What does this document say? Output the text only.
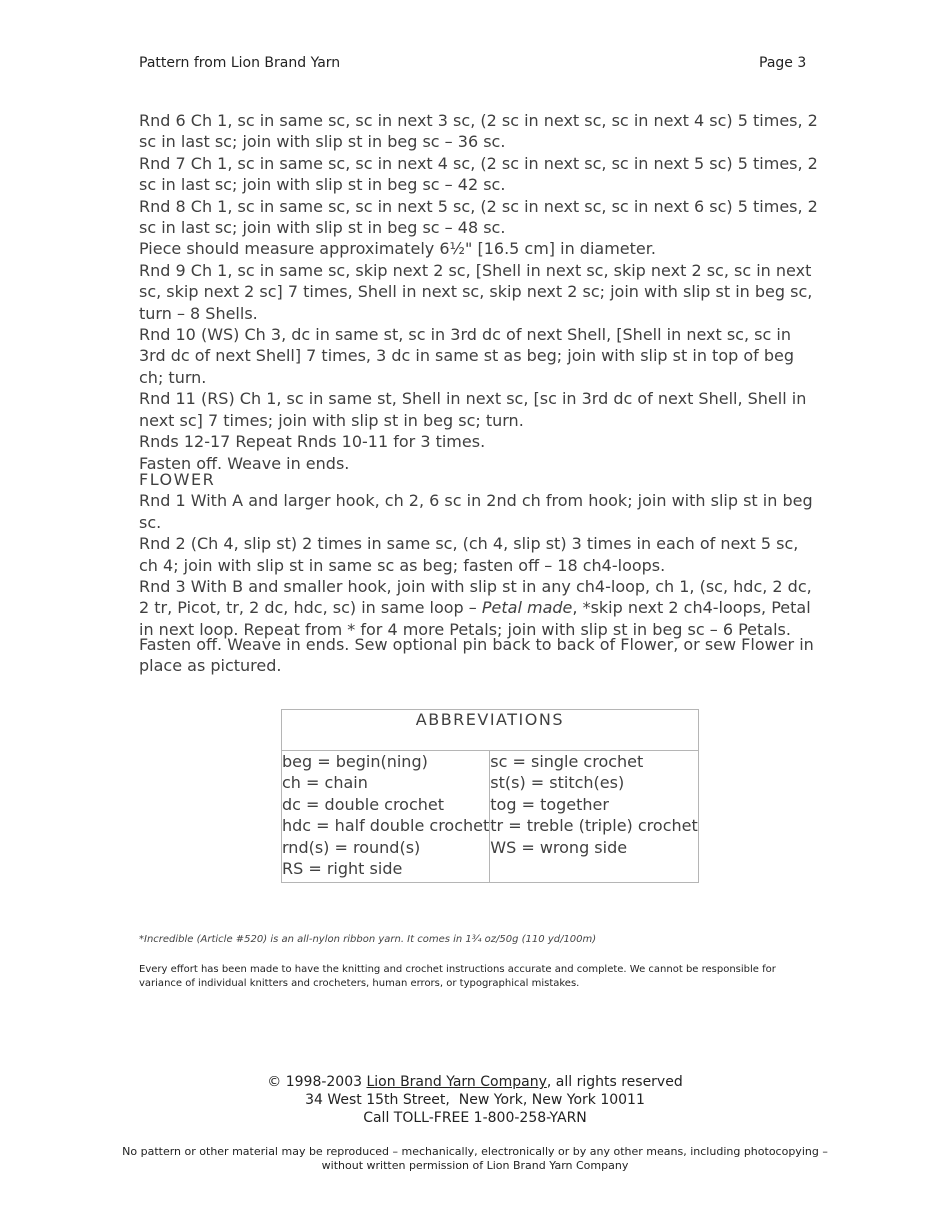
Pattern from Lion Brand Yarn	Page 3

Rnd 6 Ch 1, sc in same sc, sc in next 3 sc, (2 sc in next sc, sc in next 4 sc) 5 times, 2 sc in last sc; join with slip st in beg sc – 36 sc.

Rnd 7 Ch 1, sc in same sc, sc in next 4 sc, (2 sc in next sc, sc in next 5 sc) 5 times, 2 sc in last sc; join with slip st in beg sc – 42 sc.

Rnd 8 Ch 1, sc in same sc, sc in next 5 sc, (2 sc in next sc, sc in next 6 sc) 5 times, 2 sc in last sc; join with slip st in beg sc – 48 sc.

Piece should measure approximately 6½" [16.5 cm] in diameter.

Rnd 9 Ch 1, sc in same sc, skip next 2 sc, [Shell in next sc, skip next 2 sc, sc in next sc, skip next 2 sc] 7 times, Shell in next sc, skip next 2 sc; join with slip st in beg sc, turn – 8 Shells.

Rnd 10 (WS) Ch 3, dc in same st, sc in 3rd dc of next Shell, [Shell in next sc, sc in 3rd dc of next Shell] 7 times, 3 dc in same st as beg; join with slip st in top of beg ch; turn.

Rnd 11 (RS) Ch 1, sc in same st, Shell in next sc, [sc in 3rd dc of next Shell, Shell in next sc] 7 times; join with slip st in beg sc; turn.

Rnds 12-17 Repeat Rnds 10-11 for 3 times.

Fasten off. Weave in ends.

FLOWER

Rnd 1 With A and larger hook, ch 2, 6 sc in 2nd ch from hook; join with slip st in beg sc.

Rnd 2 (Ch 4, slip st) 2 times in same sc, (ch 4, slip st) 3 times in each of next 5 sc, ch 4; join with slip st in same sc as beg; fasten off – 18 ch4-loops.

Rnd 3 With B and smaller hook, join with slip st in any ch4-loop, ch 1, (sc, hdc, 2 dc, 2 tr, Picot, tr, 2 dc, hdc, sc) in same loop – Petal made, *skip next 2 ch4-loops, Petal in next loop. Repeat from * for 4 more Petals; join with slip st in beg sc – 6 Petals.

Fasten off. Weave in ends. Sew optional pin back to back of Flower, or sew Flower in place as pictured.
ABBREVIATIONS

beg = begin(ning)
ch = chain
dc = double crochet
hdc = half double crochet
rnd(s) = round(s)
RS = right side

sc = single crochet
st(s) = stitch(es)
tog = together
tr = treble (triple) crochet
WS = wrong side
*Incredible (Article #520) is an all-nylon ribbon yarn. It comes in 1¾ oz/50g (110 yd/100m)
Every effort has been made to have the knitting and crochet instructions accurate and complete. We cannot be responsible for variance of individual knitters and crocheters, human errors, or typographical mistakes.
© 1998-2003 Lion Brand Yarn Company, all rights reserved
34 West 15th Street,  New York, New York 10011
Call TOLL-FREE 1-800-258-YARN
No pattern or other material may be reproduced – mechanically, electronically or by any other means, including photocopying –
without written permission of Lion Brand Yarn Company
